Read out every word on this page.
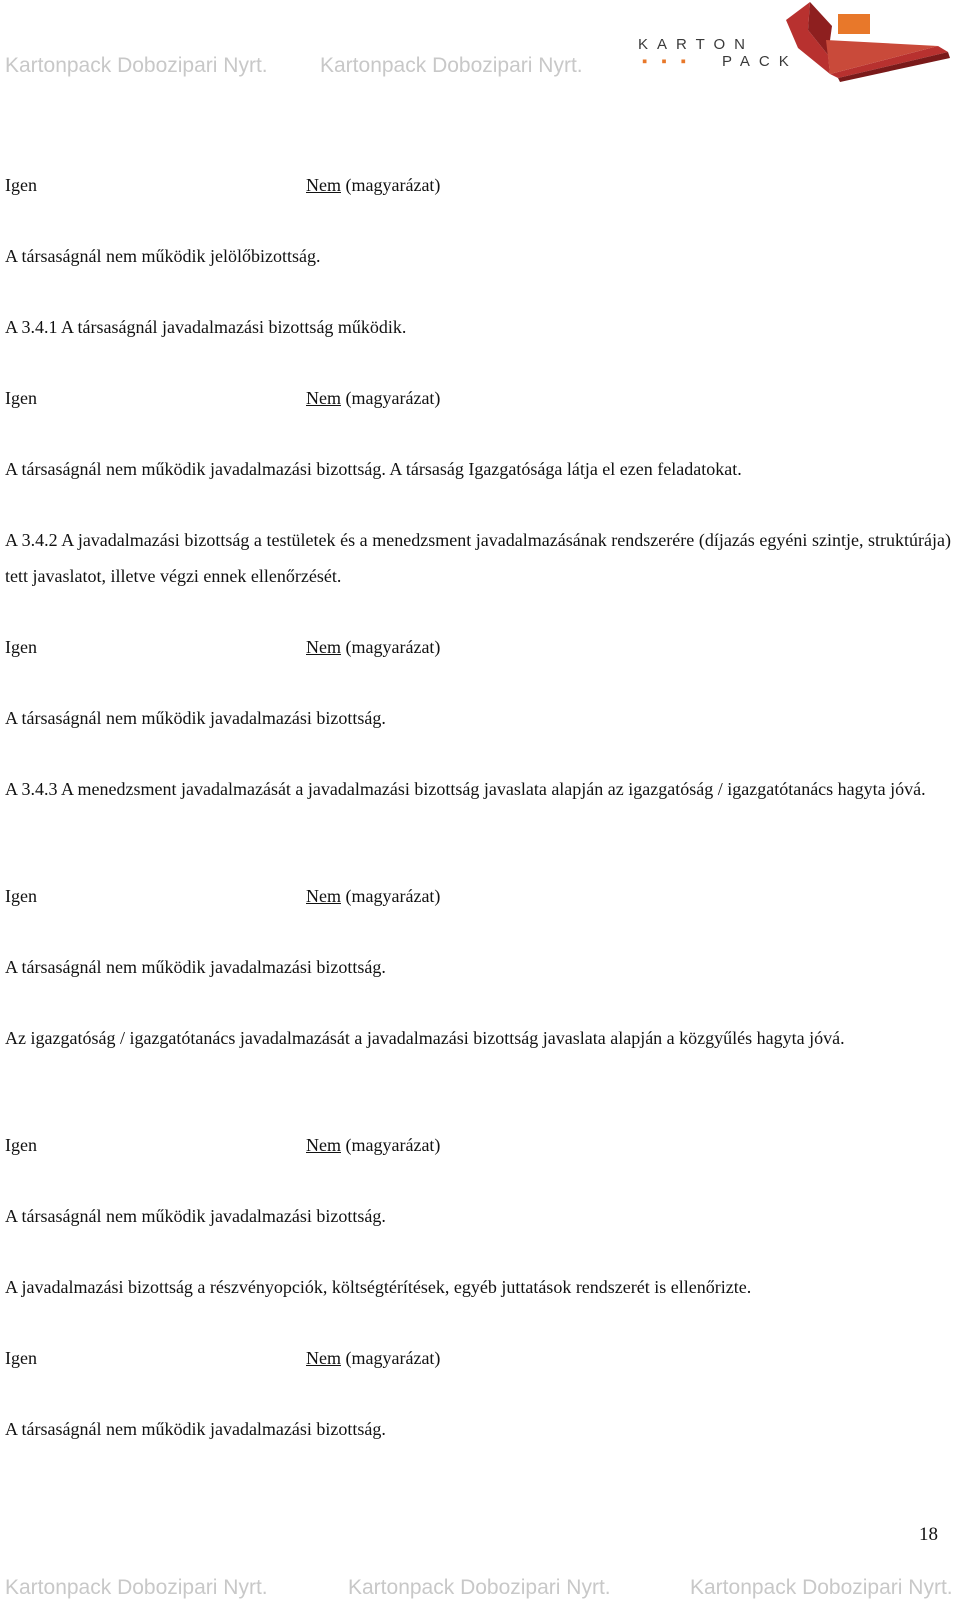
Kartonpack Dobozipari Nyrt. Kartonpack Dobozipari Nyrt.
KARTON
▪▪▪ PACK
Igen	Nem (magyarázat)
A társaságnál nem működik jelölőbizottság.
A 3.4.1 A társaságnál javadalmazási bizottság működik.
Igen	Nem (magyarázat)
A társaságnál nem működik javadalmazási bizottság. A társaság Igazgatósága látja el ezen feladatokat.
A 3.4.2 A javadalmazási bizottság a testületek és a menedzsment javadalmazásának rendszerére (díjazás egyéni szintje, struktúrája) tett javaslatot, illetve végzi ennek ellenőrzését.
Igen	Nem (magyarázat)
A társaságnál nem működik javadalmazási bizottság.
A 3.4.3 A menedzsment javadalmazását a javadalmazási bizottság javaslata alapján az igazgatóság / igazgatótanács hagyta jóvá.
Igen	Nem (magyarázat)
A társaságnál nem működik javadalmazási bizottság.
Az igazgatóság / igazgatótanács javadalmazását a javadalmazási bizottság javaslata alapján a közgyűlés hagyta jóvá.
Igen	Nem (magyarázat)
A társaságnál nem működik javadalmazási bizottság.
A javadalmazási bizottság a részvényopciók, költségtérítések, egyéb juttatások rendszerét is ellenőrizte.
Igen	Nem (magyarázat)
A társaságnál nem működik javadalmazási bizottság.
18
Kartonpack Dobozipari Nyrt.	Kartonpack Dobozipari Nyrt.	Kartonpack Dobozipari Nyrt.
